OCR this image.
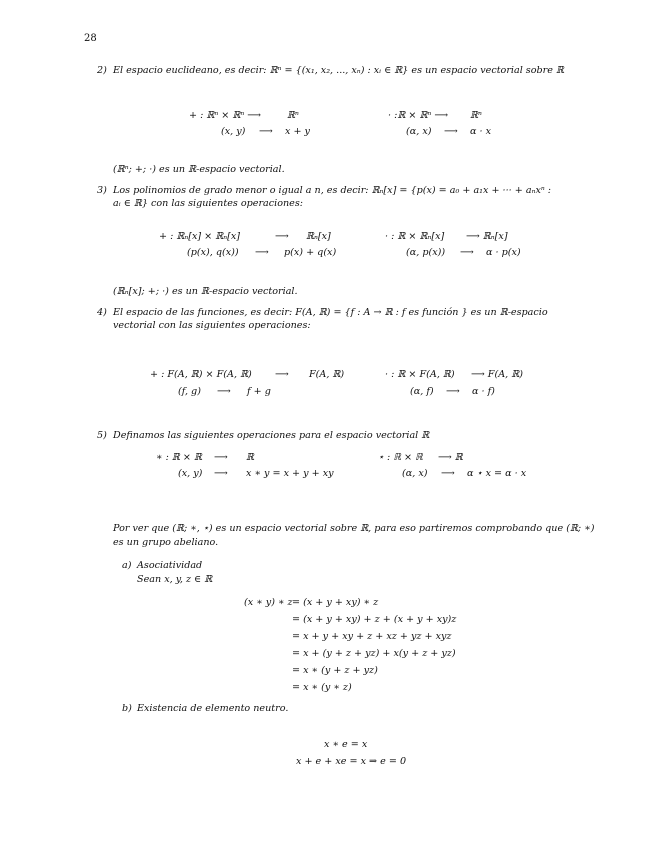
28
2) El espacio euclideano, es decir: ℝⁿ = {(x₁, x₂, ..., xₙ) : xᵢ ∈ ℝ} es un espacio vectorial sobre ℝ
+ : ℝⁿ × ℝⁿ ⟶	ℝⁿ
(x, y) ⟶ x + y
· :ℝ × ℝⁿ ⟶ ℝⁿ
(α, x) ⟶ α · x
(ℝⁿ; +; ·) es un ℝ-espacio vectorial.
3) Los polinomios de grado menor o igual a n, es decir: ℝₙ[x] = {p(x) = a₀ + a₁x + ··· + aₙxⁿ :
aᵢ ∈ ℝ} con las siguientes operaciones:
+ : ℝₙ[x] × ℝₙ[x]	⟶ ℝₙ[x]
(p(x), q(x)) ⟶ p(x) + q(x)
· : ℝ × ℝₙ[x] ⟶ ℝₙ[x]
(α, p(x)) ⟶ α · p(x)
(ℝₙ[x]; +; ·) es un ℝ-espacio vectorial.
4) El espacio de las funciones, es decir: F(A, ℝ) = {f : A → ℝ : f es función } es un ℝ-espacio
vectorial con las siguientes operaciones:
+ : F(A, ℝ) × F(A, ℝ) ⟶ F(A, ℝ)
(f, g) ⟶ f + g
· : ℝ × F(A, ℝ) ⟶ F(A, ℝ)
(α, f) ⟶ α · f)
5) Definamos las siguientes operaciones para el espacio vectorial ℝ
∗ : ℝ × ℝ ⟶ ℝ
(x, y) ⟶ x ∗ y = x + y + xy
⋆ : ℝ × ℝ ⟶ ℝ
(α, x) ⟶ α ⋆ x = α · x
Por ver que (ℝ; ∗, ⋆) es un espacio vectorial sobre ℝ, para eso partiremos comprobando que (ℝ; ∗)
es un grupo abeliano.
a) Asociatividad
Sean x, y, z ∈ ℝ
(x ∗ y) ∗ z = (x + y + xy) ∗ z
= (x + y + xy) + z + (x + y + xy)z
= x + y + xy + z + xz + yz + xyz
= x + (y + z + yz) + x(y + z + yz)
= x ∗ (y + z + yz)
= x ∗ (y ∗ z)
b) Existencia de elemento neutro.
x ∗ e = x
x + e + xe = x ⇒ e = 0
